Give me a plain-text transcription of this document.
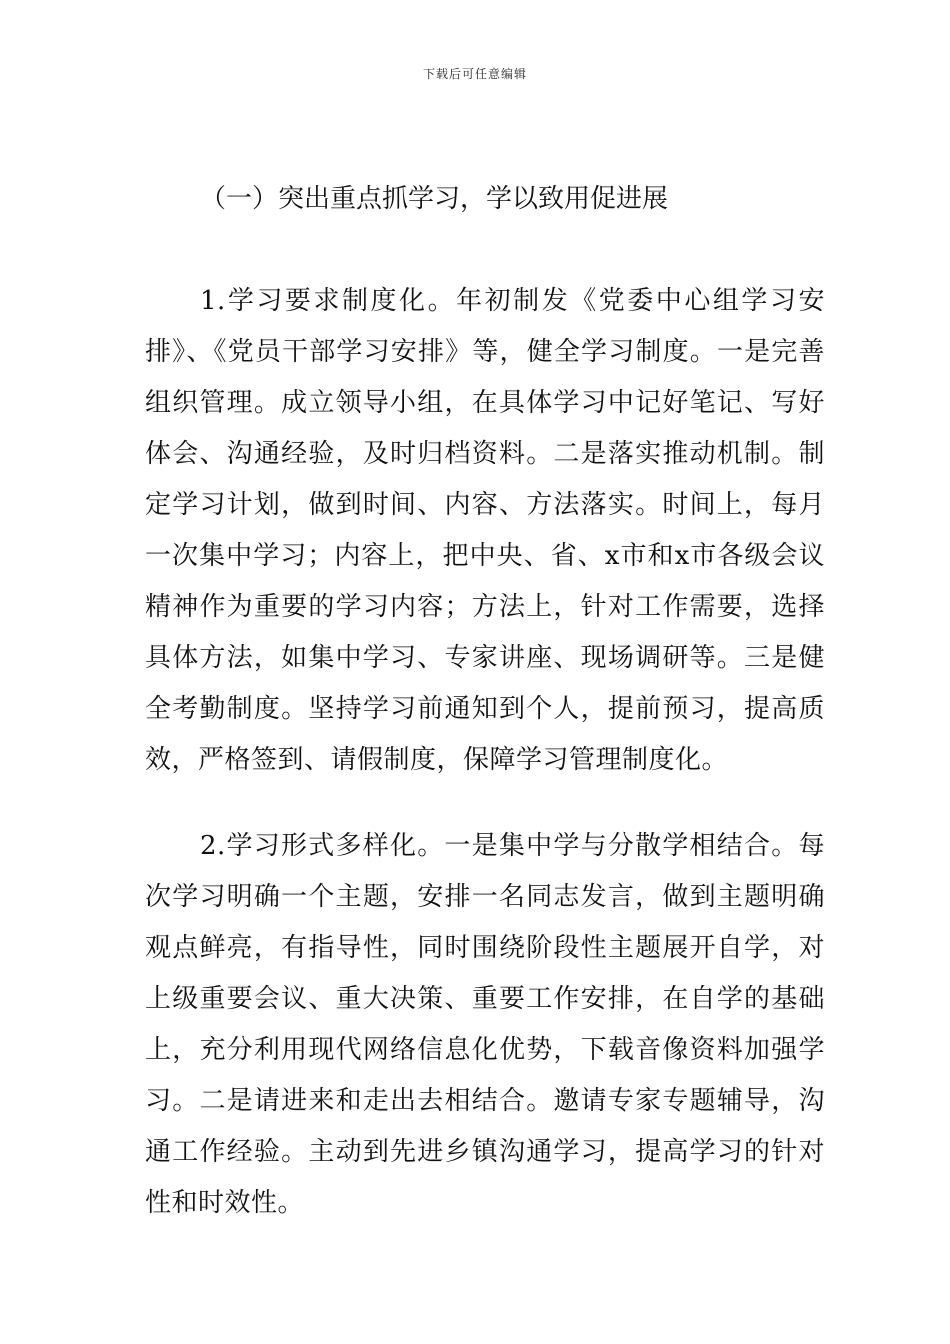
下载后可任意编辑
（一）突出重点抓学习，学以致用促进展

1.学习要求制度化。年初制发《党委中心组学习安排》、《党员干部学习安排》等，健全学习制度。一是完善组织管理。成立领导小组，在具体学习中记好笔记、写好体会、沟通经验，及时归档资料。二是落实推动机制。制定学习计划，做到时间、内容、方法落实。时间上，每月一次集中学习；内容上，把中央、省、x市和x市各级会议精神作为重要的学习内容；方法上，针对工作需要，选择具体方法，如集中学习、专家讲座、现场调研等。三是健全考勤制度。坚持学习前通知到个人，提前预习，提高质效，严格签到、请假制度，保障学习管理制度化。

2.学习形式多样化。一是集中学与分散学相结合。每次学习明确一个主题，安排一名同志发言，做到主题明确观点鲜亮，有指导性，同时围绕阶段性主题展开自学，对上级重要会议、重大决策、重要工作安排，在自学的基础上，充分利用现代网络信息化优势，下载音像资料加强学习。二是请进来和走出去相结合。邀请专家专题辅导，沟通工作经验。主动到先进乡镇沟通学习，提高学习的针对性和时效性。
